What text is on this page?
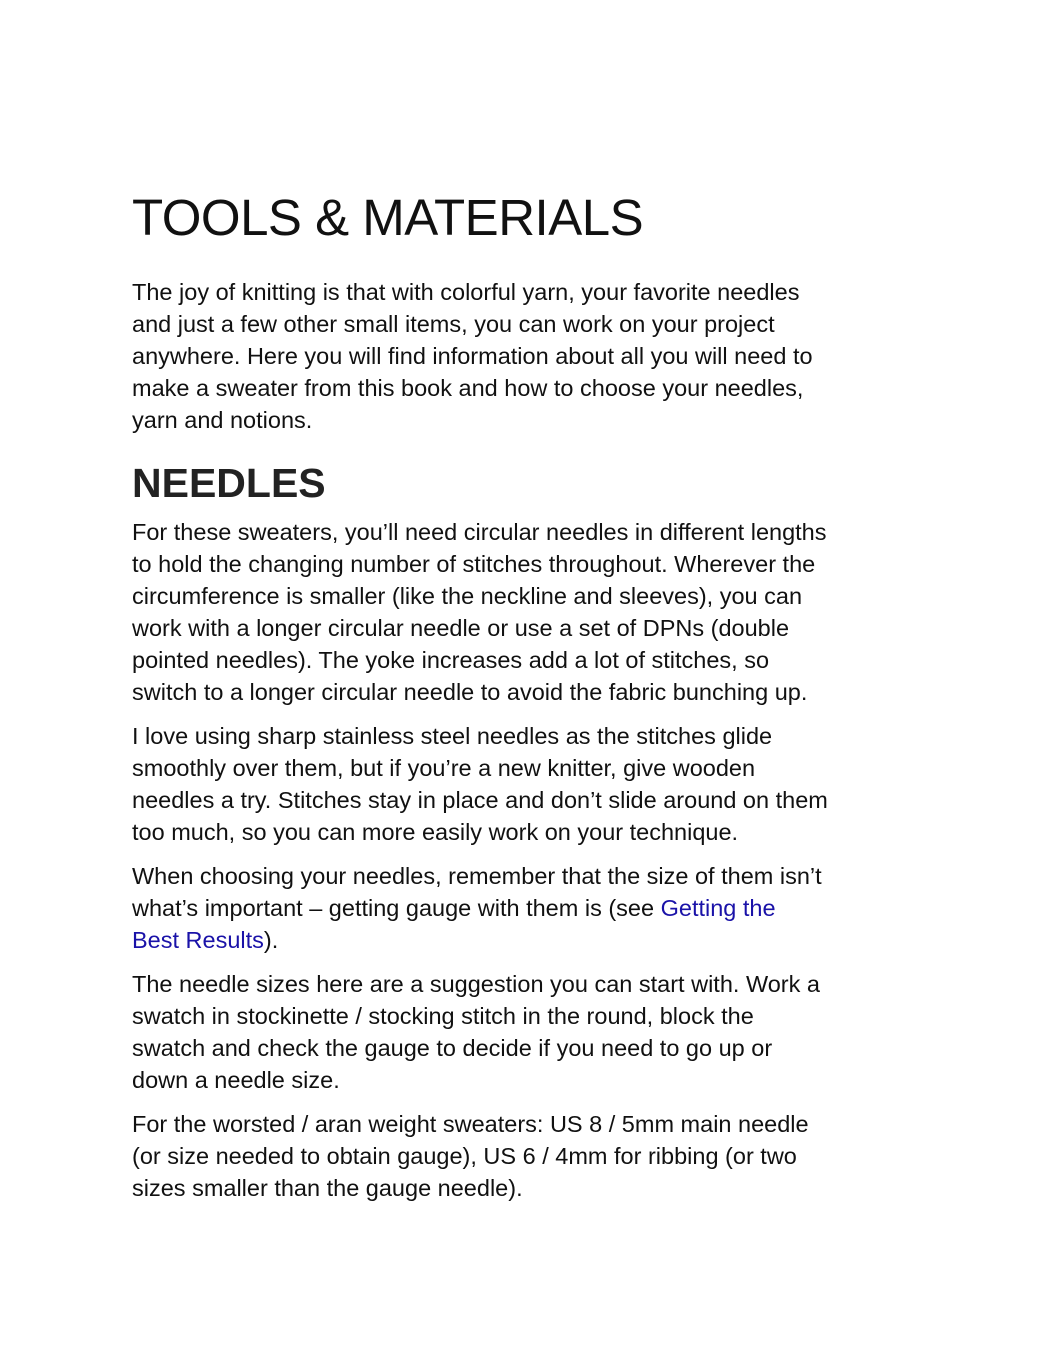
TOOLS & MATERIALS

The joy of knitting is that with colorful yarn, your favorite needles
and just a few other small items, you can work on your project
anywhere. Here you will find information about all you will need to
make a sweater from this book and how to choose your needles,
yarn and notions.

NEEDLES

For these sweaters, you’ll need circular needles in different lengths
to hold the changing number of stitches throughout. Wherever the
circumference is smaller (like the neckline and sleeves), you can
work with a longer circular needle or use a set of DPNs (double
pointed needles). The yoke increases add a lot of stitches, so
switch to a longer circular needle to avoid the fabric bunching up.

I love using sharp stainless steel needles as the stitches glide
smoothly over them, but if you’re a new knitter, give wooden
needles a try. Stitches stay in place and don’t slide around on them
too much, so you can more easily work on your technique.

When choosing your needles, remember that the size of them isn’t
what’s important – getting gauge with them is (see Getting the
Best Results).

The needle sizes here are a suggestion you can start with. Work a
swatch in stockinette / stocking stitch in the round, block the
swatch and check the gauge to decide if you need to go up or
down a needle size.

For the worsted / aran weight sweaters: US 8 / 5mm main needle
(or size needed to obtain gauge), US 6 / 4mm for ribbing (or two
sizes smaller than the gauge needle).
